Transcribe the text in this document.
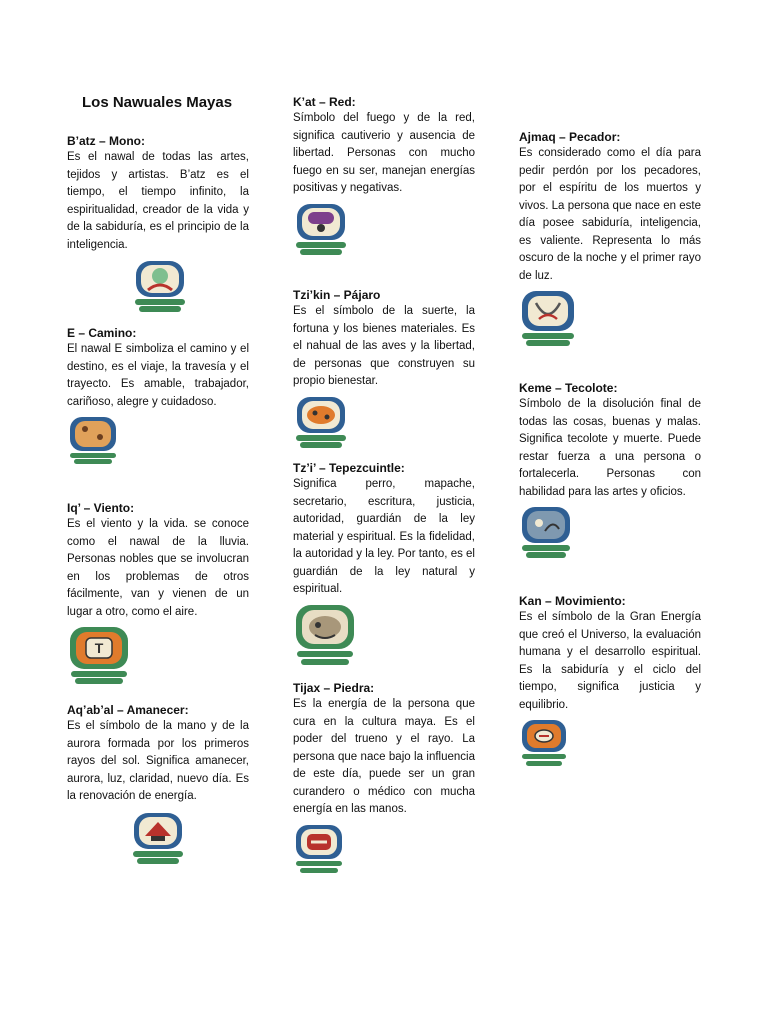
Los Nawuales Mayas
B’atz – Mono:

Es el nawal de todas las artes, tejidos y artistas. B’atz es el tiempo, el tiempo infinito, la espiritualidad, creador de la vida y de la sabiduría, es el principio de la inteligencia.

E – Camino:

El nawal E simboliza el camino y el destino, es el viaje, la travesía y el trayecto. Es amable, trabajador, cariñoso, alegre y cuidadoso.

Iq’ – Viento:

Es el viento y la vida. se conoce como el nawal de la lluvia. Personas nobles que se involucran en los problemas de otros fácilmente, van y vienen de un lugar a otro, como el aire.

T
Aq’ab’al – Amanecer:

Es el símbolo de la mano y de la aurora formada por los primeros rayos del sol. Significa amanecer, aurora, luz, claridad, nuevo día. Es la renovación de energía.

K’at – Red:

Símbolo del fuego y de la red, significa cautiverio y ausencia de libertad. Personas con mucho fuego en su ser, manejan energías positivas y negativas.

Tzi’kin – Pájaro

Es el símbolo de la suerte, la fortuna y los bienes materiales. Es el nahual de las aves y la libertad, de personas que construyen su propio bienestar.

Tz’i’ – Tepezcuintle:

Significa perro, mapache, secretario, escritura, justicia, autoridad, guardián de la ley material y espiritual. Es la fidelidad, la autoridad y la ley. Por tanto, es el guardián de la ley natural y espiritual.

Tijax – Piedra:

Es la energía de la persona que cura en la cultura maya. Es el poder del trueno y el rayo. La persona que nace bajo la influencia de este día, puede ser un gran curandero o médico con mucha energía en las manos.

Ajmaq – Pecador:

Es considerado como el día para pedir perdón por los pecadores, por el espíritu de los muertos y vivos. La persona que nace en este día posee sabiduría, inteligencia, es valiente. Representa lo más oscuro de la noche y el primer rayo de luz.

Keme – Tecolote:

Símbolo de la disolución final de todas las cosas, buenas y malas. Significa tecolote y muerte. Puede restar fuerza a una persona o fortalecerla. Personas con habilidad para las artes y oficios.

Kan – Movimiento:

Es el símbolo de la Gran Energía que creó el Universo, la evaluación humana y el desarrollo espiritual. Es la sabiduría y el ciclo del tiempo, significa justicia y equilibrio.
